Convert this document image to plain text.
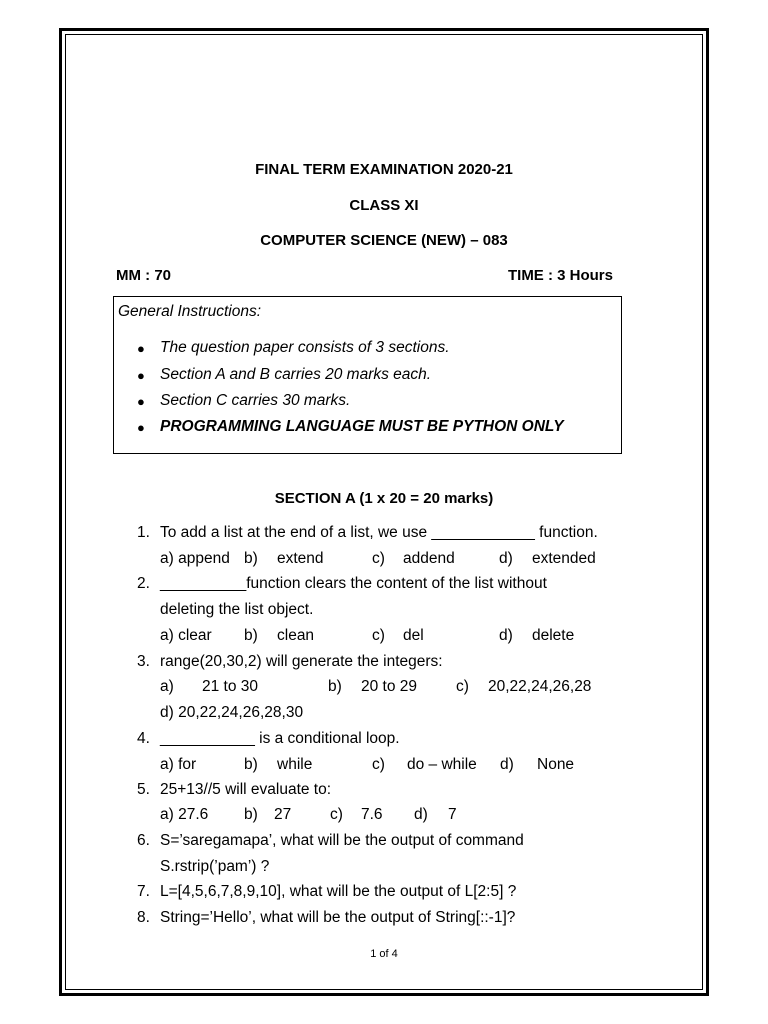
FINAL TERM EXAMINATION 2020-21
CLASS XI
COMPUTER SCIENCE (NEW) – 083
MM : 70	TIME : 3 Hours
General Instructions:
● The question paper consists of 3 sections.
● Section A and B carries 20 marks each.
● Section C carries 30 marks.
● PROGRAMMING LANGUAGE MUST BE PYTHON ONLY
SECTION A (1 x 20 = 20 marks)
1. To add a list at the end of a list, we use ____________ function.
a) append b) extend	c) addend	d) extended
2. __________function clears the content of the list without
deleting the list object.
a) clear b) clean	c) del	d) delete
3. range(20,30,2) will generate the integers:
a) 21 to 30	b) 20 to 29	c) 20,22,24,26,28
d) 20,22,24,26,28,30
4. ___________ is a conditional loop.
a) for	b) while	c) do – while d) None
5. 25+13//5 will evaluate to:
a) 27.6 b) 27	c) 7.6 d) 7
6. S=’saregamapa’, what will be the output of command
S.rstrip(’pam’) ?
7. L=[4,5,6,7,8,9,10], what will be the output of L[2:5] ?
8. String=’Hello’, what will be the output of String[::-1]?
1 of 4
